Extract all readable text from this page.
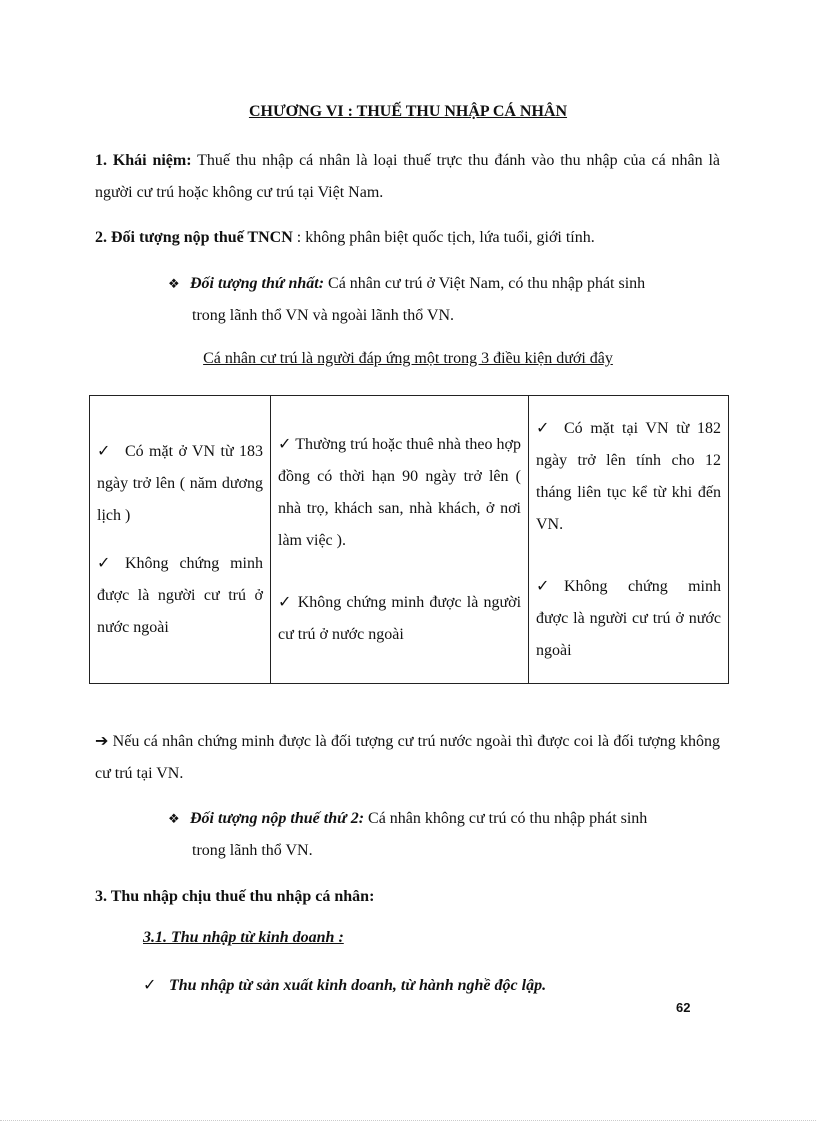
CHƯƠNG VI : THUẾ THU NHẬP CÁ NHÂN
1. Khái niệm: Thuế thu nhập cá nhân là loại thuế trực thu đánh vào thu nhập của cá nhân là người cư trú hoặc không cư trú tại Việt Nam.
2. Đối tượng nộp thuế TNCN : không phân biệt quốc tịch, lứa tuổi, giới tính.
❖ Đối tượng thứ nhất: Cá nhân cư trú ở Việt Nam, có thu nhập phát sinh
trong lãnh thổ VN và ngoài lãnh thổ VN.
Cá nhân cư trú là người đáp ứng một trong 3 điều kiện dưới đây
✓ Có mặt ở VN từ 183 ngày trở lên ( năm dương lịch )
✓ Không chứng minh được là người cư trú ở nước ngoài

✓ Thường trú hoặc thuê nhà theo hợp đồng có thời hạn 90 ngày trở lên ( nhà trọ, khách san, nhà khách, ở nơi làm việc ).
✓ Không chứng minh được là người cư trú ở nước ngoài

✓ Có mặt tại VN từ 182 ngày trở lên tính cho 12 tháng liên tục kể từ khi đến VN.
✓ Không chứng minh được là người cư trú ở nước ngoài
➔ Nếu cá nhân chứng minh được là đối tượng cư trú nước ngoài thì được coi là đối tượng không cư trú tại VN.
❖ Đối tượng nộp thuế thứ 2: Cá nhân không cư trú có thu nhập phát sinh
trong lãnh thổ VN.
3. Thu nhập chịu thuế thu nhập cá nhân:
3.1. Thu nhập từ kinh doanh :
✓ Thu nhập từ sản xuất kinh doanh, từ hành nghề độc lập.
62
